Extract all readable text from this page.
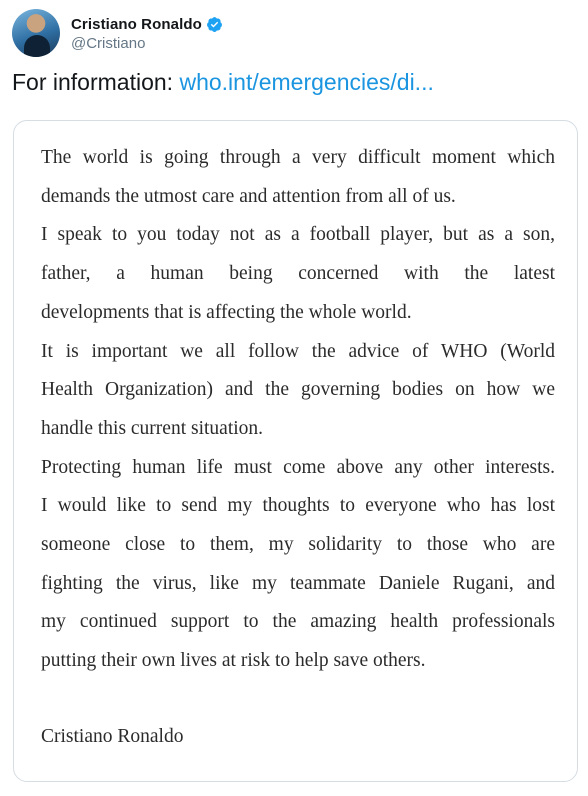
Cristiano Ronaldo
@Cristiano
For information: who.int/emergencies/di...
The world is going through a very difficult moment which
demands the utmost care and attention from all of us.
I speak to you today not as a football player, but as a son,
father, a human being concerned with the latest
developments that is affecting the whole world.
It is important we all follow the advice of WHO (World
Health Organization) and the governing bodies on how we
handle this current situation.
Protecting human life must come above any other interests.
I would like to send my thoughts to everyone who has lost
someone close to them, my solidarity to those who are
fighting the virus, like my teammate Daniele Rugani, and
my continued support to the amazing health professionals
putting their own lives at risk to help save others.
Cristiano Ronaldo
